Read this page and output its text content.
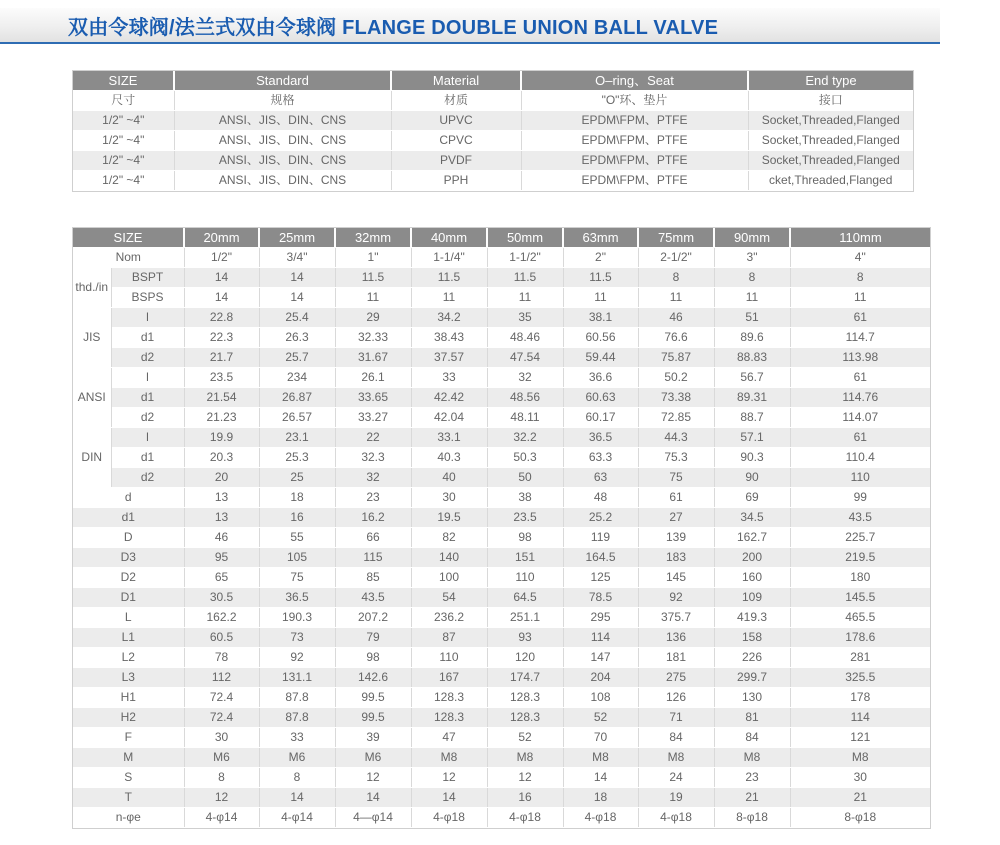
双由令球阀/法兰式双由令球阀 FLANGE DOUBLE UNION BALL VALVE
SIZE	Standard	Material	O–ring、Seat	End type
尺寸	规格	材质	"O"环、垫片	接口
1/2" ~4"	ANSI、JIS、DIN、CNS	UPVC	EPDM\FPM、PTFE	Socket,Threaded,Flanged
1/2" ~4"	ANSI、JIS、DIN、CNS	CPVC	EPDM\FPM、PTFE	Socket,Threaded,Flanged
1/2" ~4"	ANSI、JIS、DIN、CNS	PVDF	EPDM\FPM、PTFE	Socket,Threaded,Flanged
1/2" ~4"	ANSI、JIS、DIN、CNS	PPH	EPDM\FPM、PTFE	cket,Threaded,Flanged
SIZE		20mm	25mm	32mm	40mm	50mm	63mm	75mm	90mm	110mm
Nom		1/2"	3/4"	1"	1-1/4"	1-1/2"	2"	2-1/2"	3"	4"
thd./in	BSPT	14	14	11.5	11.5	11.5	11.5	8	8	8
	BSPS	14	14	11	11	11	11	11	11	11
JIS	l	22.8	25.4	29	34.2	35	38.1	46	51	61
	d1	22.3	26.3	32.33	38.43	48.46	60.56	76.6	89.6	114.7
	d2	21.7	25.7	31.67	37.57	47.54	59.44	75.87	88.83	113.98
ANSI	l	23.5	234	26.1	33	32	36.6	50.2	56.7	61
	d1	21.54	26.87	33.65	42.42	48.56	60.63	73.38	89.31	114.76
	d2	21.23	26.57	33.27	42.04	48.11	60.17	72.85	88.7	114.07
DIN	l	19.9	23.1	22	33.1	32.2	36.5	44.3	57.1	61
	d1	20.3	25.3	32.3	40.3	50.3	63.3	75.3	90.3	110.4
	d2	20	25	32	40	50	63	75	90	110
d		13	18	23	30	38	48	61	69	99
d1		13	16	16.2	19.5	23.5	25.2	27	34.5	43.5
D		46	55	66	82	98	119	139	162.7	225.7
D3		95	105	115	140	151	164.5	183	200	219.5
D2		65	75	85	100	110	125	145	160	180
D1		30.5	36.5	43.5	54	64.5	78.5	92	109	145.5
L		162.2	190.3	207.2	236.2	251.1	295	375.7	419.3	465.5
L1		60.5	73	79	87	93	114	136	158	178.6
L2		78	92	98	110	120	147	181	226	281
L3		112	131.1	142.6	167	174.7	204	275	299.7	325.5
H1		72.4	87.8	99.5	128.3	128.3	108	126	130	178
H2		72.4	87.8	99.5	128.3	128.3	52	71	81	114
F		30	33	39	47	52	70	84	84	121
M		M6	M6	M6	M8	M8	M8	M8	M8	M8
S		8	8	12	12	12	14	24	23	30
T		12	14	14	14	16	18	19	21	21
n-φe		4-φ14	4-φ14	4—φ14	4-φ18	4-φ18	4-φ18	4-φ18	8-φ18	8-φ18
